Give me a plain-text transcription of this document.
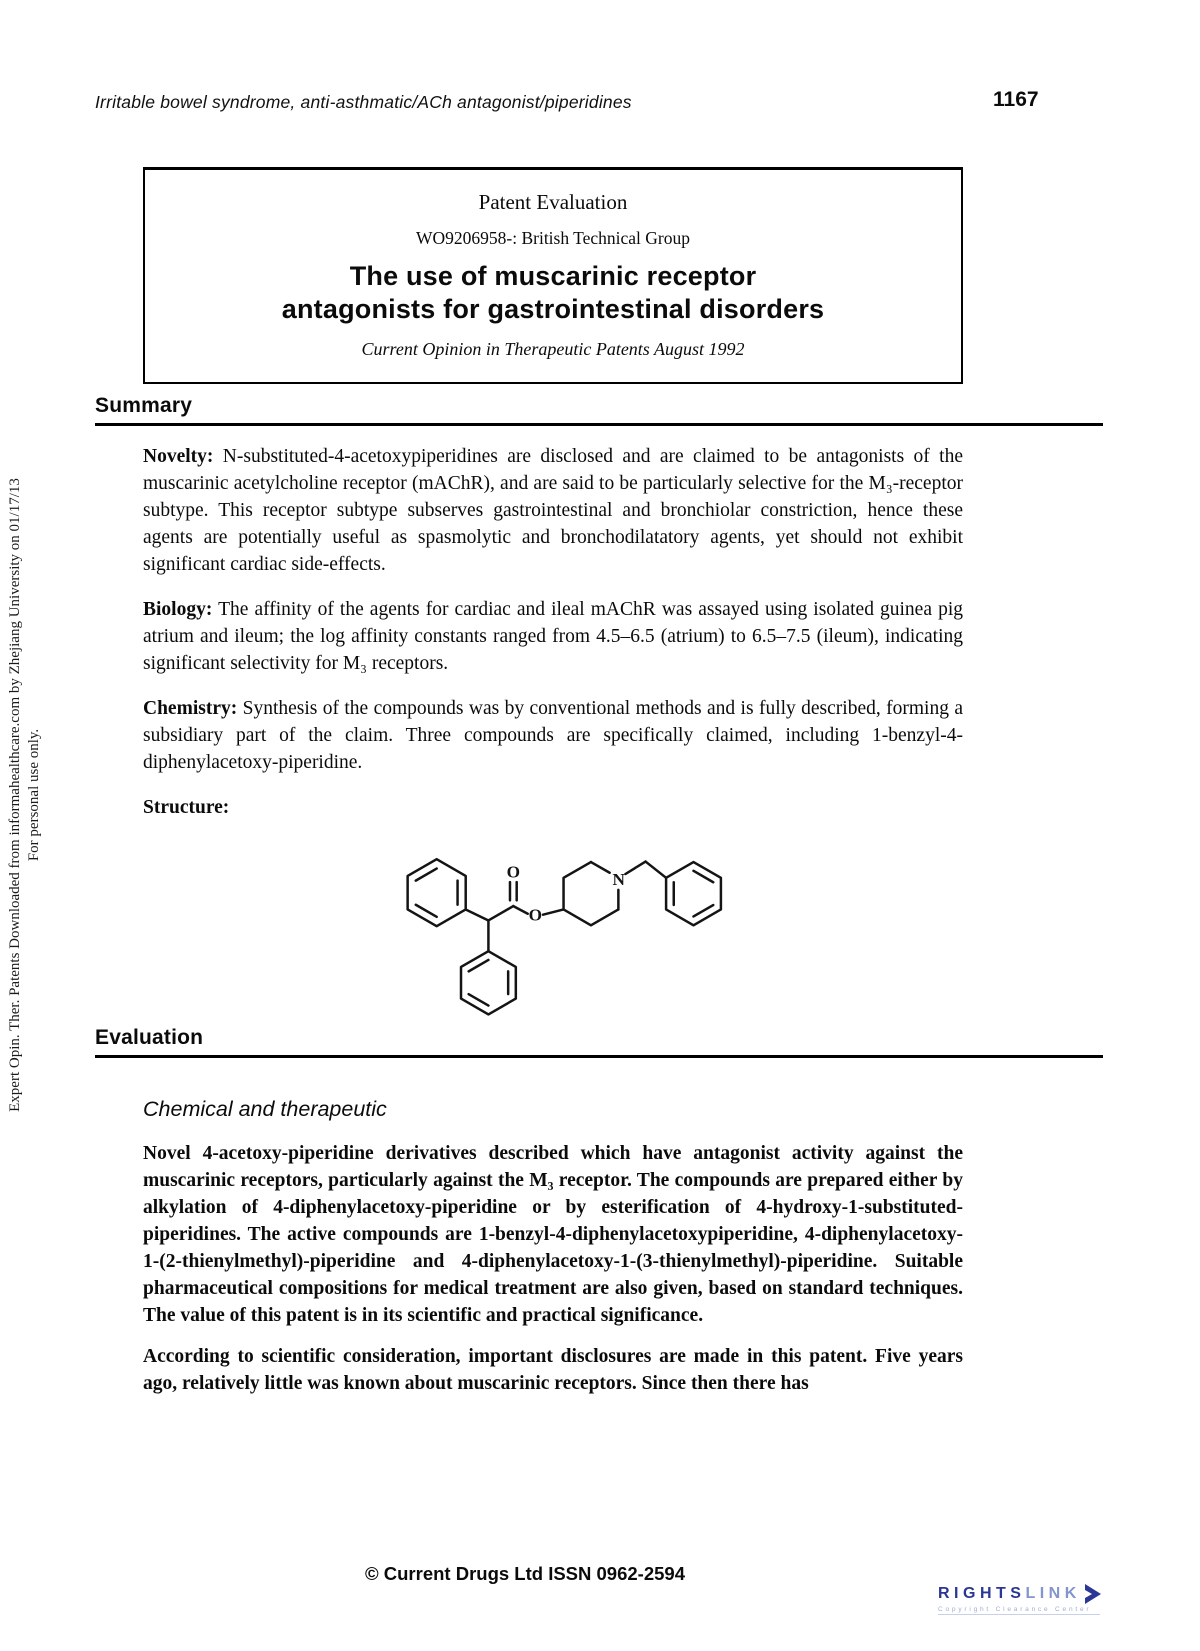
Irritable bowel syndrome, anti-asthmatic/ACh antagonist/piperidines	1167
Patent Evaluation
WO9206958-: British Technical Group
The use of muscarinic receptor
antagonists for gastrointestinal disorders
Current Opinion in Therapeutic Patents August 1992
Summary

Novelty: N-substituted-4-acetoxypiperidines are disclosed and are claimed to be antagonists of the muscarinic acetylcholine receptor (mAChR), and are said to be particularly selective for the M₃-receptor subtype. This receptor subtype subserves gastrointestinal and bronchiolar constriction, hence these agents are potentially useful as spasmolytic and bronchodilatatory agents, yet should not exhibit significant cardiac side-effects.

Biology: The affinity of the agents for cardiac and ileal mAChR was assayed using isolated guinea pig atrium and ileum; the log affinity constants ranged from 4.5–6.5 (atrium) to 6.5–7.5 (ileum), indicating significant selectivity for M₃ receptors.

Chemistry: Synthesis of the compounds was by conventional methods and is fully described, forming a subsidiary part of the claim. Three compounds are specifically claimed, including 1-benzyl-4-diphenylacetoxy-piperidine.

Structure:

O
O
N
Evaluation
Chemical and therapeutic

Novel 4-acetoxy-piperidine derivatives described which have antagonist activity against the muscarinic receptors, particularly against the M₃ receptor. The compounds are prepared either by alkylation of 4-diphenylacetoxy-piperidine or by esterification of 4-hydroxy-1-substituted-piperidines. The active compounds are 1-benzyl-4-diphenylacetoxypiperidine, 4-diphenylacetoxy-1-(2-thienylmethyl)-piperidine and 4-diphenylacetoxy-1-(3-thienylmethyl)-piperidine. Suitable pharmaceutical compositions for medical treatment are also given, based on standard techniques. The value of this patent is in its scientific and practical significance.

According to scientific consideration, important disclosures are made in this patent. Five years ago, relatively little was known about muscarinic receptors. Since then there has

Expert Opin. Ther. Patents Downloaded from informahealthcare.com by Zhejiang University on 01/17/13 For personal use only.
© Current Drugs Ltd ISSN 0962-2594
RIGHTS LINK
Copyright Clearance Center
